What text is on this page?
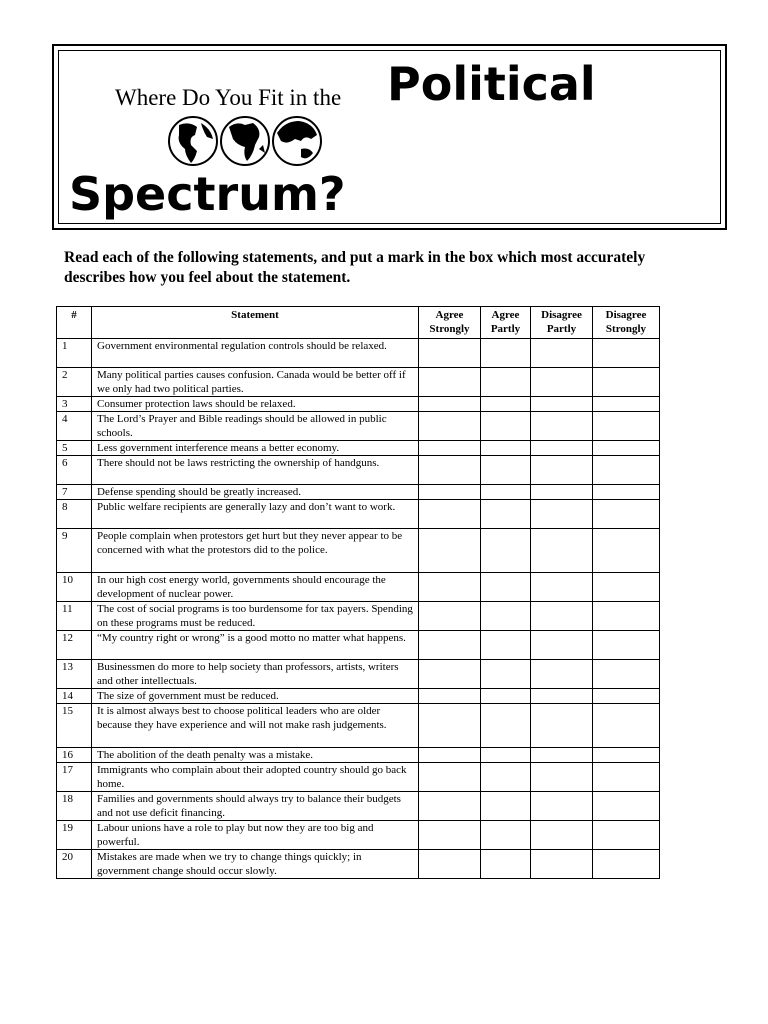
Where Do You Fit in the Political
Spectrum?
Read each of the following statements, and put a mark in the box which most accurately describes how you feel about the statement.
#	Statement	Agree Strongly	Agree Partly	Disagree Partly	Disagree Strongly
1	Government environmental regulation controls should be relaxed.				
2	Many political parties causes confusion. Canada would be better off if we only had two political parties.				
3	Consumer protection laws should be relaxed.				
4	The Lord’s Prayer and Bible readings should be allowed in public schools.				
5	Less government interference means a better economy.				
6	There should not be laws restricting the ownership of handguns.				
7	Defense spending should be greatly increased.				
8	Public welfare recipients are generally lazy and don’t want to work.				
9	People complain when protestors get hurt but they never appear to be concerned with what the protestors did to the police.				
10	In our high cost energy world, governments should encourage the development of nuclear power.				
11	The cost of social programs is too burdensome for tax payers. Spending on these programs must be reduced.				
12	“My country right or wrong” is a good motto no matter what happens.				
13	Businessmen do more to help society than professors, artists, writers and other intellectuals.				
14	The size of government must be reduced.				
15	It is almost always best to choose political leaders who are older because they have experience and will not make rash judgements.				
16	The abolition of the death penalty was a mistake.				
17	Immigrants who complain about their adopted country should go back home.				
18	Families and governments should always try to balance their budgets and not use deficit financing.				
19	Labour unions have a role to play but now they are too big and powerful.				
20	Mistakes are made when we try to change things quickly; in government change should occur slowly.				
